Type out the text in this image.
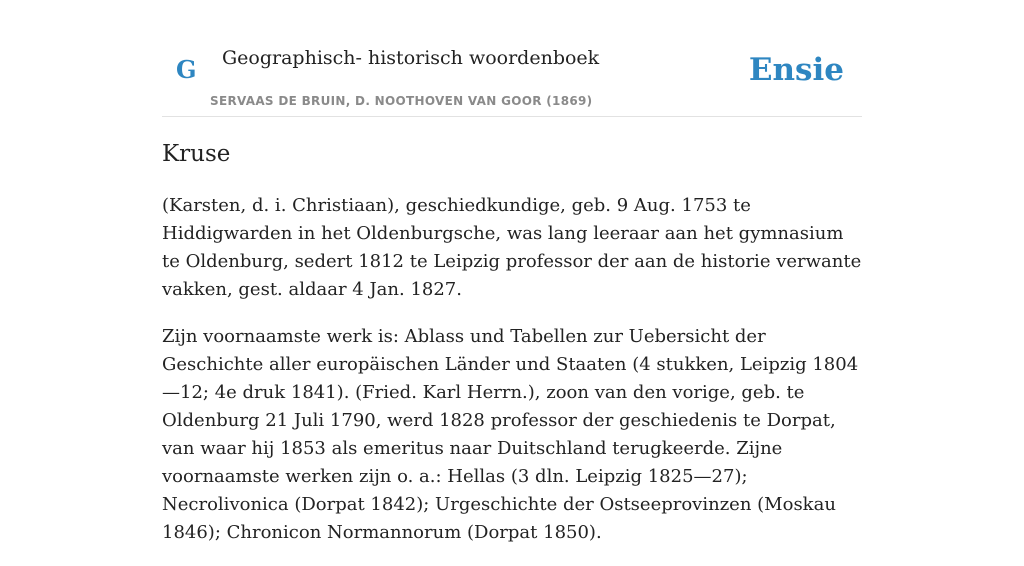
G Geographisch- historisch woordenboek
SERVAAS DE BRUIN, D. NOOTHOVEN VAN GOOR (1869)
Ensie
Kruse

(Karsten, d. i. Christiaan), geschiedkundige, geb. 9 Aug. 1753 te Hiddigwarden in het Oldenburgsche, was lang leeraar aan het gymnasium te Oldenburg, sedert 1812 te Leipzig professor der aan de historie verwante vakken, gest. aldaar 4 Jan. 1827.

Zijn voornaamste werk is: Ablass und Tabellen zur Uebersicht der Geschichte aller europäischen Länder und Staaten (4 stukken, Leipzig 1804—12; 4e druk 1841). (Fried. Karl Herrn.), zoon van den vorige, geb. te Oldenburg 21 Juli 1790, werd 1828 professor der geschiedenis te Dorpat, van waar hij 1853 als emeritus naar Duitschland terugkeerde. Zijne voornaamste werken zijn o. a.: Hellas (3 dln. Leipzig 1825—27); Necrolivonica (Dorpat 1842); Urgeschichte der Ostseeprovinzen (Moskau 1846); Chronicon Normannorum (Dorpat 1850).
